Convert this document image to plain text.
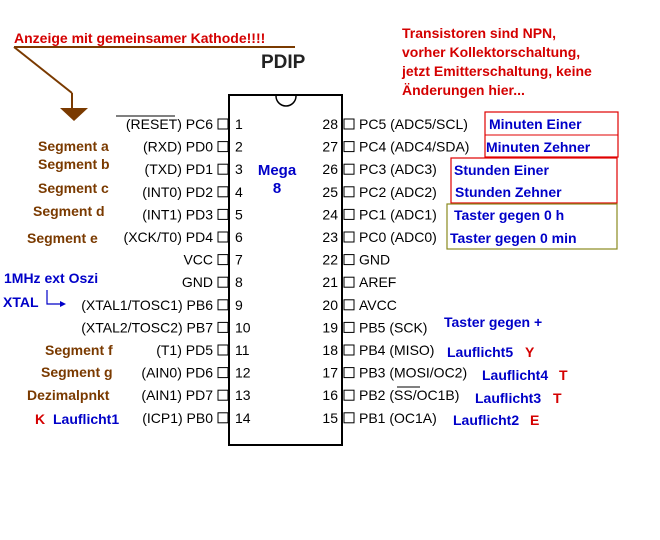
Anzeige mit gemeinsamer Kathode!!!!
PDIP
Transistoren sind NPN,
vorher Kollektorschaltung,
jetzt Emitterschaltung, keine
Änderungen hier...
Mega
8
(RESET) PC6 1
(RXD) PD0 2
(TXD) PD1 3
(INT0) PD2 4
(INT1) PD3 5
(XCK/T0) PD4 6
VCC 7
GND 8
(XTAL1/TOSC1) PB6 9
(XTAL2/TOSC2) PB7 10
(T1) PD5 11
(AIN0) PD6 12
(AIN1) PD7 13
(ICP1) PB0 14
28 PC5 (ADC5/SCL)
27 PC4 (ADC4/SDA)
26 PC3 (ADC3)
25 PC2 (ADC2)
24 PC1 (ADC1)
23 PC0 (ADC0)
22 GND
21 AREF
20 AVCC
19 PB5 (SCK)
18 PB4 (MISO)
17 PB3 (MOSI/OC2)
16 PB2 (SS/OC1B)
15 PB1 (OC1A)
Segment a
Segment b
Segment c
Segment d
Segment e
1MHz ext Oszi
XTAL
Segment f
Segment g
Dezimalpnkt
K Lauflicht1
Minuten Einer
Minuten Zehner
Stunden Einer
Stunden Zehner
Taster gegen 0 h
Taster gegen 0 min
Taster gegen +
Lauflicht5 Y
Lauflicht4 T
Lauflicht3 T
Lauflicht2 E
